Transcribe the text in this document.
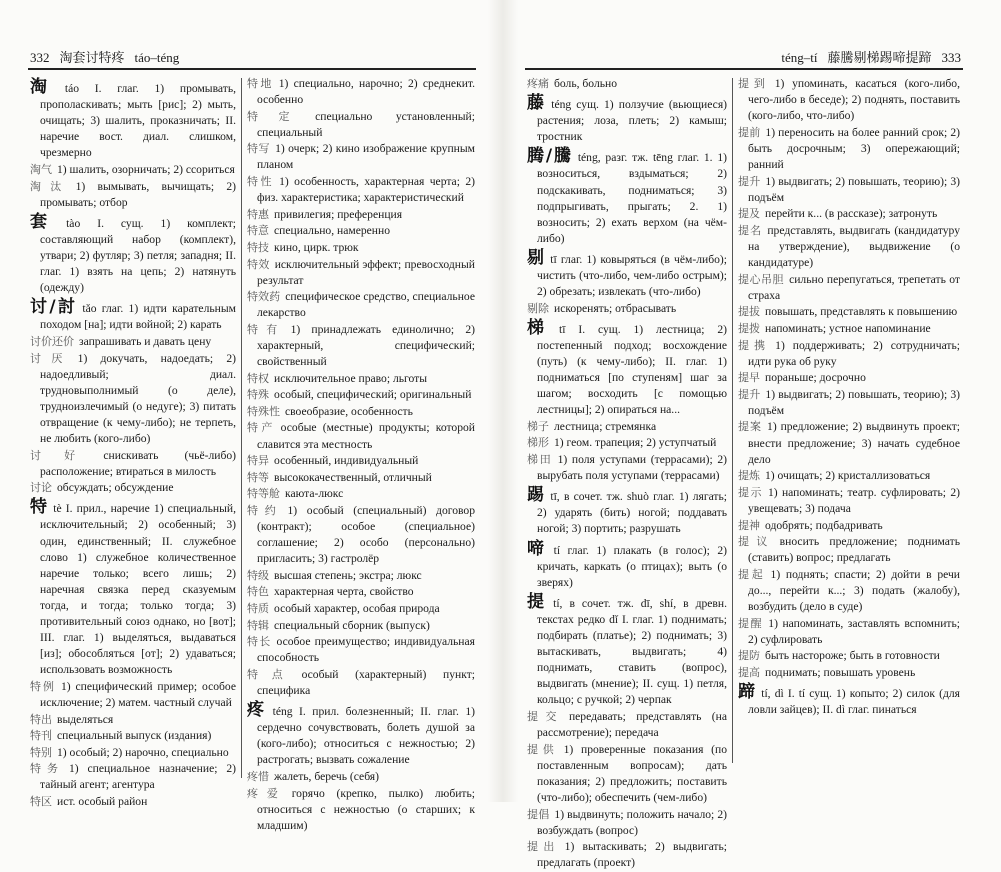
332 淘套讨特疼 táo–téng	téng–tí 藤騰剔梯踢啼提蹄 333
淘 táo I. глаг. 1) промывать, прополаскивать; мыть [рис]; 2) мыть, очищать; 3) шалить, проказничать; II. наречие вост. диал. слишком, чрезмерно
淘气 1) шалить, озорничать; 2) ссориться
淘汰 1) вымывать, вычищать; 2) промывать; отбор
套 tào I. сущ. 1) комплект; составляющий набор (комплект), утвари; 2) футляр; 3) петля; западня; II. глаг. 1) взять на цепь; 2) натянуть (одежду)
讨/討 tǎo глаг. 1) идти карательным походом [на]; идти войной; 2) карать
讨价还价 запрашивать и давать цену
讨厌 1) докучать, надоедать; 2) надоедливый; диал. трудновыполнимый (о деле), трудноизлечимый (о недуге); 3) питать отвращение (к чему-либо); не терпеть, не любить (кого-либо)
讨好 снискивать (чьё-либо) расположение; втираться в милость
讨论 обсуждать; обсуждение
特 tè I. прил., наречие 1) специальный, исключительный; 2) особенный; 3) один, единственный; II. служебное слово 1) служебное количественное наречие только; всего лишь; 2) наречная связка перед сказуемым тогда, и тогда; только тогда; 3) противительный союз однако, но [вот]; III. глаг. 1) выделяться, выдаваться [из]; обособляться [от]; 2) удаваться; использовать возможность
特例 1) специфический пример; особое исключение; 2) матем. частный случай
特出 выделяться
特刊 специальный выпуск (издания)
特别 1) особый; 2) нарочно, специально
特务 1) специальное назначение; 2) тайный агент; агентура
特区 ист. особый район
特地 1) специально, нарочно; 2) среднекит. особенно
特定 специально установленный; специальный
特写 1) очерк; 2) кино изображение крупным планом
特性 1) особенность, характерная черта; 2) физ. характеристика; характеристический
特惠 привилегия; преференция
特意 специально, намеренно
特技 кино, цирк. трюк
特效 исключительный эффект; превосходный результат
特效药 специфическое средство, специальное лекарство
特有 1) принадлежать единолично; 2) характерный, специфический; свойственный
特权 исключительное право; льготы
特殊 особый, специфический; оригинальный
特殊性 своеобразие, особенность
特产 особые (местные) продукты; которой славится эта местность
特异 особенный, индивидуальный
特等 высококачественный, отличный
特等舱 каюта-люкс
特约 1) особый (специальный) договор (контракт); особое (специальное) соглашение; 2) особо (персонально) пригласить; 3) гастролёр
特级 высшая степень; экстра; люкс
特色 характерная черта, свойство
特质 особый характер, особая природа
特辑 специальный сборник (выпуск)
特长 особое преимущество; индивидуальная способность
特点 особый (характерный) пункт; специфика
疼 téng I. прил. болезненный; II. глаг. 1) сердечно сочувствовать, болеть душой за (кого-либо); относиться с нежностью; 2) растрогать; вызвать сожаление
疼惜 жалеть, беречь (себя)
疼爱 горячо (крепко, пылко) любить; относиться с нежностью (о старших; к младшим)
疼痛 боль, больно
藤 téng сущ. 1) ползучие (вьющиеся) растения; лоза, плеть; 2) камыш; тростник
腾/騰 téng, разг. тж. tēng глаг. 1. 1) возноситься, вздыматься; 2) подскакивать, подниматься; 3) подпрыгивать, прыгать; 2. 1) возносить; 2) ехать верхом (на чём-либо)
剔 tī глаг. 1) ковыряться (в чём-либо); чистить (что-либо, чем-либо острым); 2) обрезать; извлекать (что-либо)
剔除 искоренять; отбрасывать
梯 tī I. сущ. 1) лестница; 2) постепенный подход; восхождение (путь) (к чему-либо); II. глаг. 1) подниматься [по ступеням] шаг за шагом; восходить [с помощью лестницы]; 2) опираться на...
梯子 лестница; стремянка
梯形 1) геом. трапеция; 2) уступчатый
梯田 1) поля уступами (террасами); 2) вырубать поля уступами (террасами)
踢 tī, в сочет. тж. shuò глаг. 1) лягать; 2) ударять (бить) ногой; поддавать ногой; 3) портить; разрушать
啼 tí глаг. 1) плакать (в голос); 2) кричать, каркать (о птицах); выть (о зверях)
提 tí, в сочет. тж. dī, shí, в древн. текстах редко dǐ I. глаг. 1) поднимать; подбирать (платье); 2) поднимать; 3) вытаскивать, выдвигать; 4) поднимать, ставить (вопрос), выдвигать (мнение); II. сущ. 1) петля, кольцо; с ручкой; 2) черпак
提交 передавать; представлять (на рассмотрение); передача
提供 1) проверенные показания (по поставленным вопросам); дать показания; 2) предложить; поставить (что-либо); обеспечить (чем-либо)
提倡 1) выдвинуть; положить начало; 2) возбуждать (вопрос)
提出 1) вытаскивать; 2) выдвигать; предлагать (проект)
提到 1) упоминать, касаться (кого-либо, чего-либо в беседе); 2) поднять, поставить (кого-либо, что-либо)
提前 1) переносить на более ранний срок; 2) быть досрочным; 3) опережающий; ранний
提升 1) выдвигать; 2) повышать, теорию); 3) подъём
提及 перейти к... (в рассказе); затронуть
提名 представлять, выдвигать (кандидатуру на утверждение), выдвижение (о кандидатуре)
提心吊胆 сильно перепугаться, трепетать от страха
提拔 повышать, представлять к повышению
提拨 напоминать; устное напоминание
提携 1) поддерживать; 2) сотрудничать; идти рука об руку
提早 пораньше; досрочно
提升 1) выдвигать; 2) повышать, теорию); 3) подъём
提案 1) предложение; 2) выдвинуть проект; внести предложение; 3) начать судебное дело
提炼 1) очищать; 2) кристаллизоваться
提示 1) напоминать; театр. суфлировать; 2) увещевать; 3) подача
提神 одобрять; подбадривать
提议 вносить предложение; поднимать (ставить) вопрос; предлагать
提起 1) поднять; спасти; 2) дойти в речи до..., перейти к...; 3) подать (жалобу), возбудить (дело в суде)
提醒 1) напоминать, заставлять вспомнить; 2) суфлировать
提防 быть настороже; быть в готовности
提高 поднимать; повышать уровень
蹄 tí, dì I. tí сущ. 1) копыто; 2) силок (для ловли зайцев); II. dì глаг. пинаться
